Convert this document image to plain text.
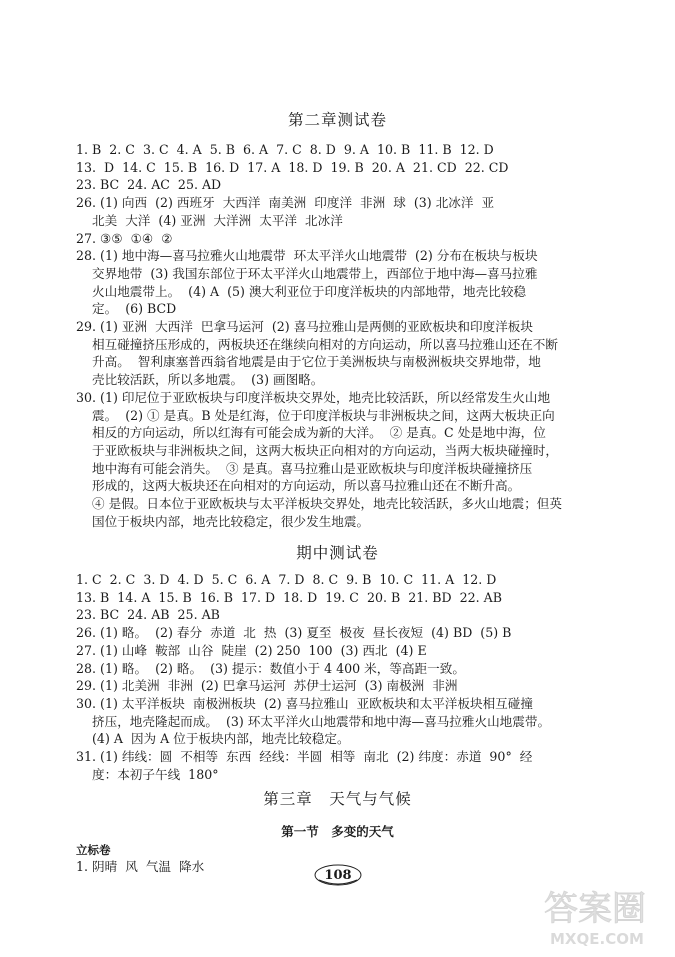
第二章测试卷
1. B  2. C  3. C  4. A  5. B  6. A  7. C  8. D  9. A  10. B  11. B  12. D
13.  D  14. C  15. B  16. D  17. A  18. D  19. B  20. A  21. CD  22. CD
23. BC  24. AC  25. AD
26. (1) 向西  (2) 西班牙  大西洋  南美洲  印度洋  非洲  球  (3) 北冰洋  亚
北美  大洋  (4) 亚洲  大洋洲  太平洋  北冰洋
27. ③⑤  ①④  ②
28. (1) 地中海—喜马拉雅火山地震带  环太平洋火山地震带  (2) 分布在板块与板块
交界地带  (3) 我国东部位于环太平洋火山地震带上，西部位于地中海—喜马拉雅
火山地震带上。  (4) A  (5) 澳大利亚位于印度洋板块的内部地带，地壳比较稳
定。  (6) BCD
29. (1) 亚洲  大西洋  巴拿马运河  (2) 喜马拉雅山是两侧的亚欧板块和印度洋板块
相互碰撞挤压形成的，两板块还在继续向相对的方向运动，所以喜马拉雅山还在不断
升高。  智利康塞普西翁省地震是由于它位于美洲板块与南极洲板块交界地带，地
壳比较活跃，所以多地震。  (3) 画图略。
30. (1) 印尼位于亚欧板块与印度洋板块交界处，地壳比较活跃，所以经常发生火山地
震。  (2) ① 是真。B 处是红海，位于印度洋板块与非洲板块之间，这两大板块正向
相反的方向运动，所以红海有可能会成为新的大洋。  ② 是真。C 处是地中海，位
于亚欧板块与非洲板块之间，这两大板块正向相对的方向运动，当两大板块碰撞时，
地中海有可能会消失。  ③ 是真。喜马拉雅山是亚欧板块与印度洋板块碰撞挤压
形成的，这两大板块还在向相对的方向运动，所以喜马拉雅山还在不断升高。
④ 是假。日本位于亚欧板块与太平洋板块交界处，地壳比较活跃，多火山地震；但英
国位于板块内部，地壳比较稳定，很少发生地震。
期中测试卷
1. C  2. C  3. D  4. D  5. C  6. A  7. D  8. C  9. B  10. C  11. A  12. D
13. B  14. A  15. B  16. B  17. D  18. D  19. C  20. B  21. BD  22. AB
23. BC  24. AB  25. AB
26. (1) 略。  (2) 春分  赤道  北  热  (3) 夏至  极夜  昼长夜短  (4) BD  (5) B
27. (1) 山峰  鞍部  山谷  陡崖  (2) 250  100  (3) 西北  (4) E
28. (1) 略。  (2) 略。  (3) 提示：数值小于 4 400 米，等高距一致。
29. (1) 北美洲  非洲  (2) 巴拿马运河  苏伊士运河  (3) 南极洲  非洲
30. (1) 太平洋板块  南极洲板块  (2) 喜马拉雅山  亚欧板块和太平洋板块相互碰撞
挤压，地壳隆起而成。  (3) 环太平洋火山地震带和地中海—喜马拉雅火山地震带。
(4) A  因为 A 位于板块内部，地壳比较稳定。
31. (1) 纬线：圆  不相等  东西  经线：半圆  相等  南北  (2) 纬度：赤道  90°  经
度：本初子午线  180°
第三章　天气与气候
第一节　多变的天气
立标卷
1. 阴晴  风  气温  降水
108
答案圈
MXQE.COM
